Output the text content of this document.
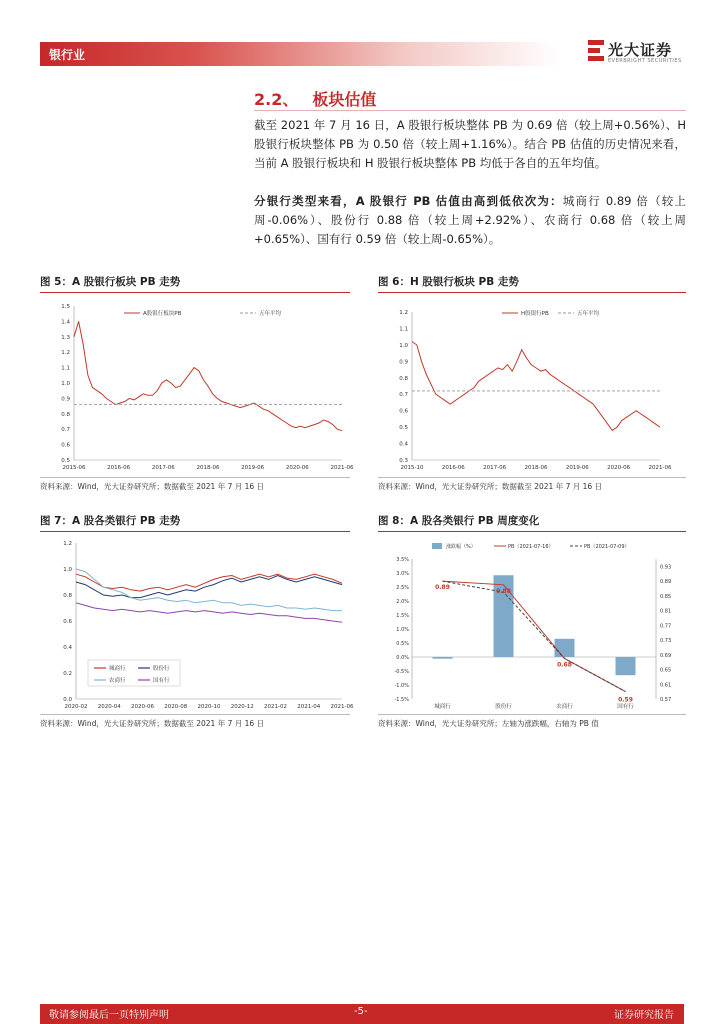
银行业	光大证券
EVERBRIGHT SECURITIES
2.2、 板块估值
截至 2021 年 7 月 16 日，A 股银行板块整体 PB 为 0.69 倍（较上周+0.56%）、H 股银行板块整体 PB 为 0.50 倍（较上周+1.16%）。结合 PB 估值的历史情况来看，当前 A 股银行板块和 H 股银行板块整体 PB 均低于各自的五年均值。
分银行类型来看，A 股银行 PB 估值由高到低依次为：城商行 0.89 倍（较上周-0.06%）、股份行 0.88 倍（较上周+2.92%）、农商行 0.68 倍（较上周+0.65%）、国有行 0.59 倍（较上周-0.65%）。
图 5：A 股银行板块 PB 走势
0.5
0.6
0.7
0.8
0.9
1.0
1.1
1.2
1.3
1.4
1.5
2015-06	2016-06	2017-06	2018-06	2019-06	2020-06	2021-06
A股银行板块PB	五年平均
资料来源：Wind，光大证券研究所；数据截至 2021 年 7 月 16 日
图 6：H 股银行板块 PB 走势
0.3
0.4
0.5
0.6
0.7
0.8
0.9
1.0
1.1
1.2
2015-10	2016-06	2017-06	2018-06	2019-06	2020-06	2021-06
H股银行PB	五年平均
资料来源：Wind，光大证券研究所；数据截至 2021 年 7 月 16 日
图 7：A 股各类银行 PB 走势
0.0
0.2
0.4
0.6
0.8
1.0
1.2
2020-02 2020-04 2020-06 2020-08 2020-10 2020-12 2021-02 2021-04 2021-06
城商行	股份行
农商行	国有行
资料来源：Wind，光大证券研究所；数据截至 2021 年 7 月 16 日
图 8：A 股各类银行 PB 周度变化
-1.5%
-1.0%
-0.5%
0.0%
0.5%
1.0%
1.5%
2.0%
2.5%
3.0%
3.5%
0.57
0.61
0.65
0.69
0.73
0.77
0.81
0.85
0.89
0.93
城商行	股份行	农商行	国有行
0.89
0.88
0.68
0.59
涨跌幅（%）	PB（2021-07-16）	PB（2021-07-09）
资料来源：Wind，光大证券研究所；左轴为涨跌幅，右轴为 PB 值
敬请参阅最后一页特别声明	-5-	证券研究报告
